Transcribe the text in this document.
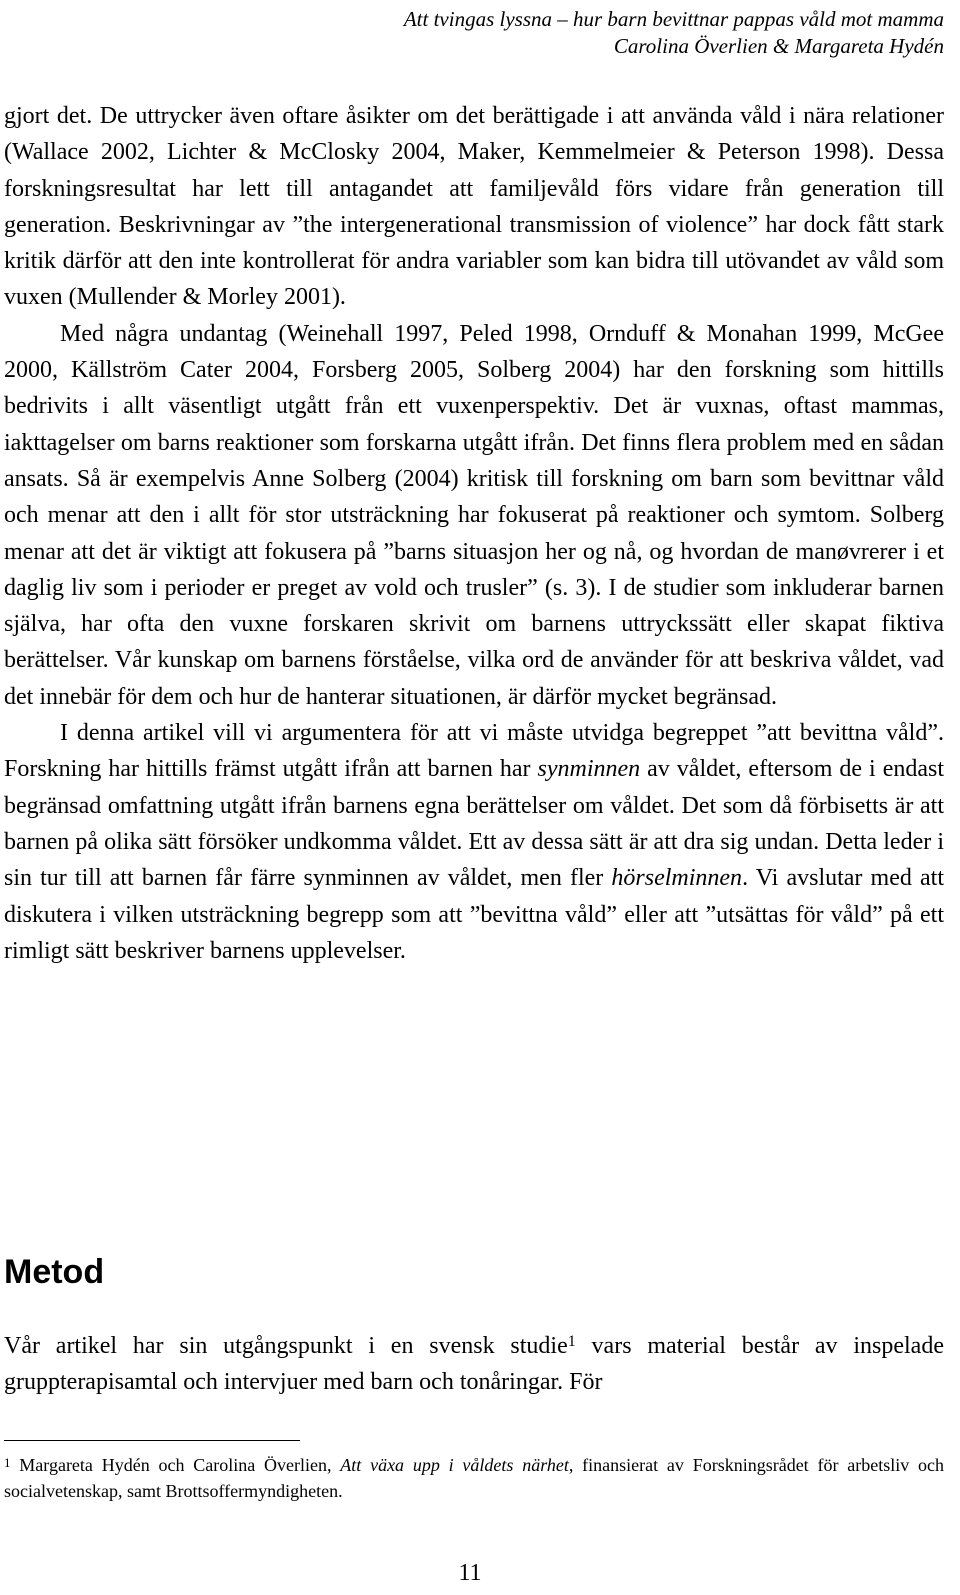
Att tvingas lyssna – hur barn bevittnar pappas våld mot mamma
Carolina Överlien & Margareta Hydén

gjort det. De uttrycker även oftare åsikter om det berättigade i att använda våld i nära relationer (Wallace 2002, Lichter & McClosky 2004, Maker, Kemmelmeier & Peterson 1998). Dessa forskningsresultat har lett till antagandet att familjevåld förs vidare från generation till generation. Beskrivningar av ”the intergenerational transmission of violence” har dock fått stark kritik därför att den inte kontrollerat för andra variabler som kan bidra till utövandet av våld som vuxen (Mullender & Morley 2001).

Med några undantag (Weinehall 1997, Peled 1998, Ornduff & Monahan 1999, McGee 2000, Källström Cater 2004, Forsberg 2005, Solberg 2004) har den forskning som hittills bedrivits i allt väsentligt utgått från ett vuxenperspektiv. Det är vuxnas, oftast mammas, iakttagelser om barns reaktioner som forskarna utgått ifrån. Det finns flera problem med en sådan ansats. Så är exempelvis Anne Solberg (2004) kritisk till forskning om barn som bevittnar våld och menar att den i allt för stor utsträckning har fokuserat på reaktioner och symtom. Solberg menar att det är viktigt att fokusera på ”barns situasjon her og nå, og hvordan de manøvrerer i et daglig liv som i perioder er preget av vold och trusler” (s. 3). I de studier som inkluderar barnen själva, har ofta den vuxne forskaren skrivit om barnens uttryckssätt eller skapat fiktiva berättelser. Vår kunskap om barnens förståelse, vilka ord de använder för att beskriva våldet, vad det innebär för dem och hur de hanterar situationen, är därför mycket begränsad.

I denna artikel vill vi argumentera för att vi måste utvidga begreppet ”att bevittna våld”. Forskning har hittills främst utgått ifrån att barnen har synminnen av våldet, eftersom de i endast begränsad omfattning utgått ifrån barnens egna berättelser om våldet. Det som då förbisetts är att barnen på olika sätt försöker undkomma våldet. Ett av dessa sätt är att dra sig undan. Detta leder i sin tur till att barnen får färre synminnen av våldet, men fler hörselminnen. Vi avslutar med att diskutera i vilken utsträckning begrepp som att ”bevittna våld” eller att ”utsättas för våld” på ett rimligt sätt beskriver barnens upplevelser.

Metod

Vår artikel har sin utgångspunkt i en svensk studie$^1$ vars material består av inspelade gruppterapisamtal och intervjuer med barn och tonåringar. För

$^1$ Margareta Hydén och Carolina Överlien, Att växa upp i våldets närhet, finansierat av Forskningsrådet för arbetsliv och socialvetenskap, samt Brottsoffermyndigheten.
11
